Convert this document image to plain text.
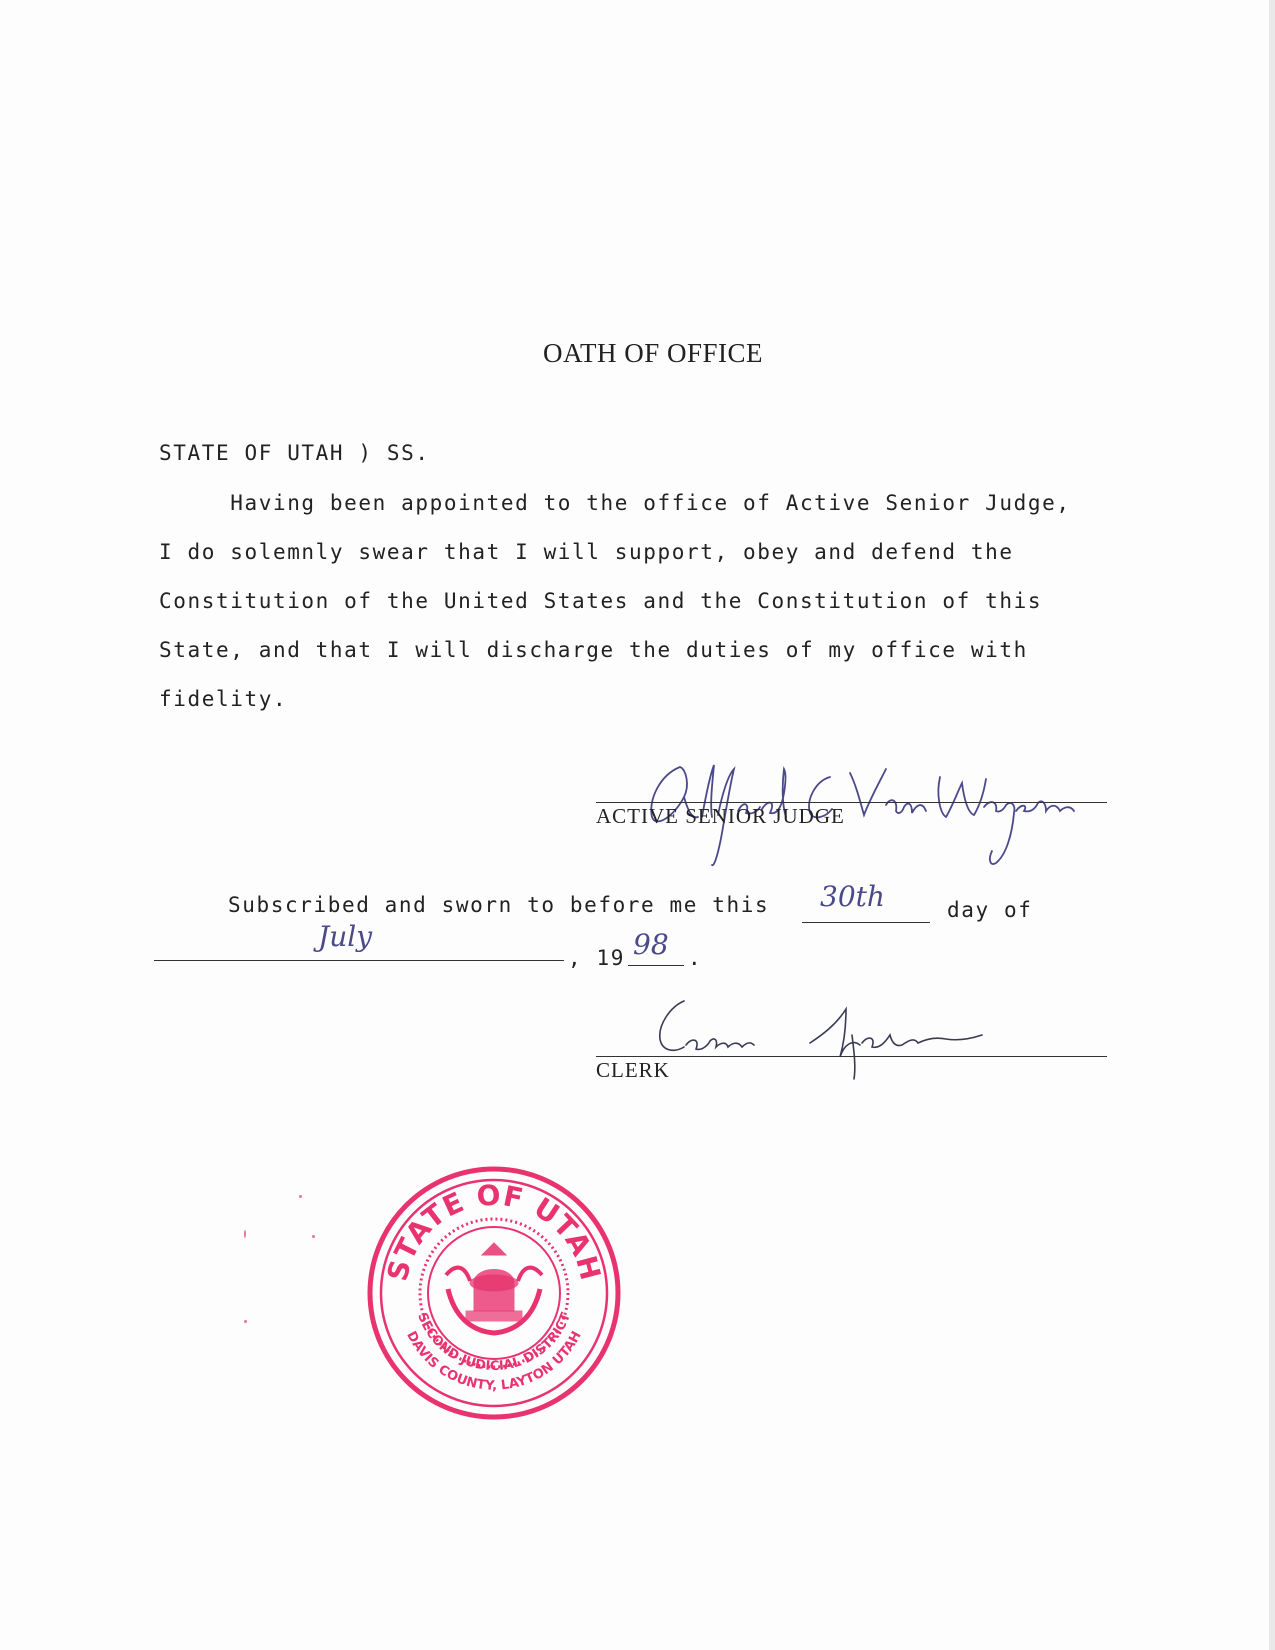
OATH OF OFFICE
STATE OF UTAH ) SS.
Having been appointed to the office of Active Senior Judge,
I do solemnly swear that I will support, obey and defend the
Constitution of the United States and the Constitution of this
State, and that I will discharge the duties of my office with
fidelity.
ACTIVE SENIOR JUDGE
Subscribed and sworn to before me this 30th	day of
July
, 19 98 .
CLERK
STATE OF UTAH
SECOND JUDICIAL DISTRICT
DAVIS COUNTY, LAYTON UTAH
